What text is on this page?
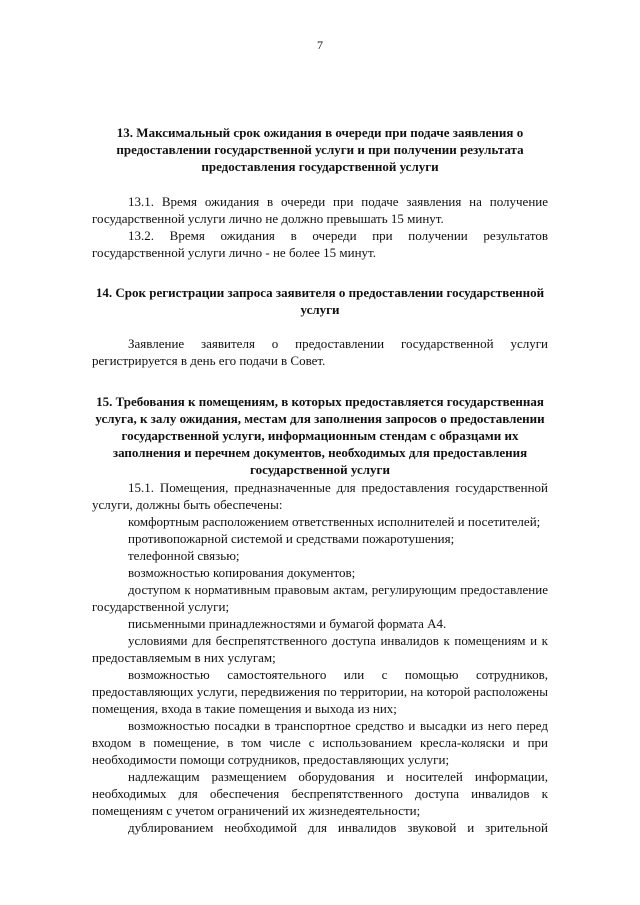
7
13. Максимальный срок ожидания в очереди при подаче заявления о
предоставлении государственной услуги и при получении результата
предоставления государственной услуги
13.1. Время ожидания в очереди при подаче заявления на получение
государственной услуги лично не должно превышать 15 минут.
13.2. Время ожидания в очереди при получении результатов
государственной услуги лично - не более 15 минут.
14. Срок регистрации запроса заявителя о предоставлении государственной
услуги
Заявление заявителя о предоставлении государственной услуги
регистрируется в день его подачи в Совет.
15. Требования к помещениям, в которых предоставляется государственная
услуга, к залу ожидания, местам для заполнения запросов о предоставлении
государственной услуги, информационным стендам с образцами их
заполнения и перечнем документов, необходимых для предоставления
государственной услуги
15.1. Помещения, предназначенные для предоставления государственной
услуги, должны быть обеспечены:
комфортным расположением ответственных исполнителей и посетителей;
противопожарной системой и средствами пожаротушения;
телефонной связью;
возможностью копирования документов;
доступом к нормативным правовым актам, регулирующим предоставление
государственной услуги;
письменными принадлежностями и бумагой формата А4.
условиями для беспрепятственного доступа инвалидов к помещениям и к
предоставляемым в них услугам;
возможностью самостоятельного или с помощью сотрудников,
предоставляющих услуги, передвижения по территории, на которой расположены
помещения, входа в такие помещения и выхода из них;
возможностью посадки в транспортное средство и высадки из него перед
входом в помещение, в том числе с использованием кресла-коляски и при
необходимости помощи сотрудников, предоставляющих услуги;
надлежащим размещением оборудования и носителей информации,
необходимых для обеспечения беспрепятственного доступа инвалидов к
помещениям с учетом ограничений их жизнедеятельности;
дублированием необходимой для инвалидов звуковой и зрительной
